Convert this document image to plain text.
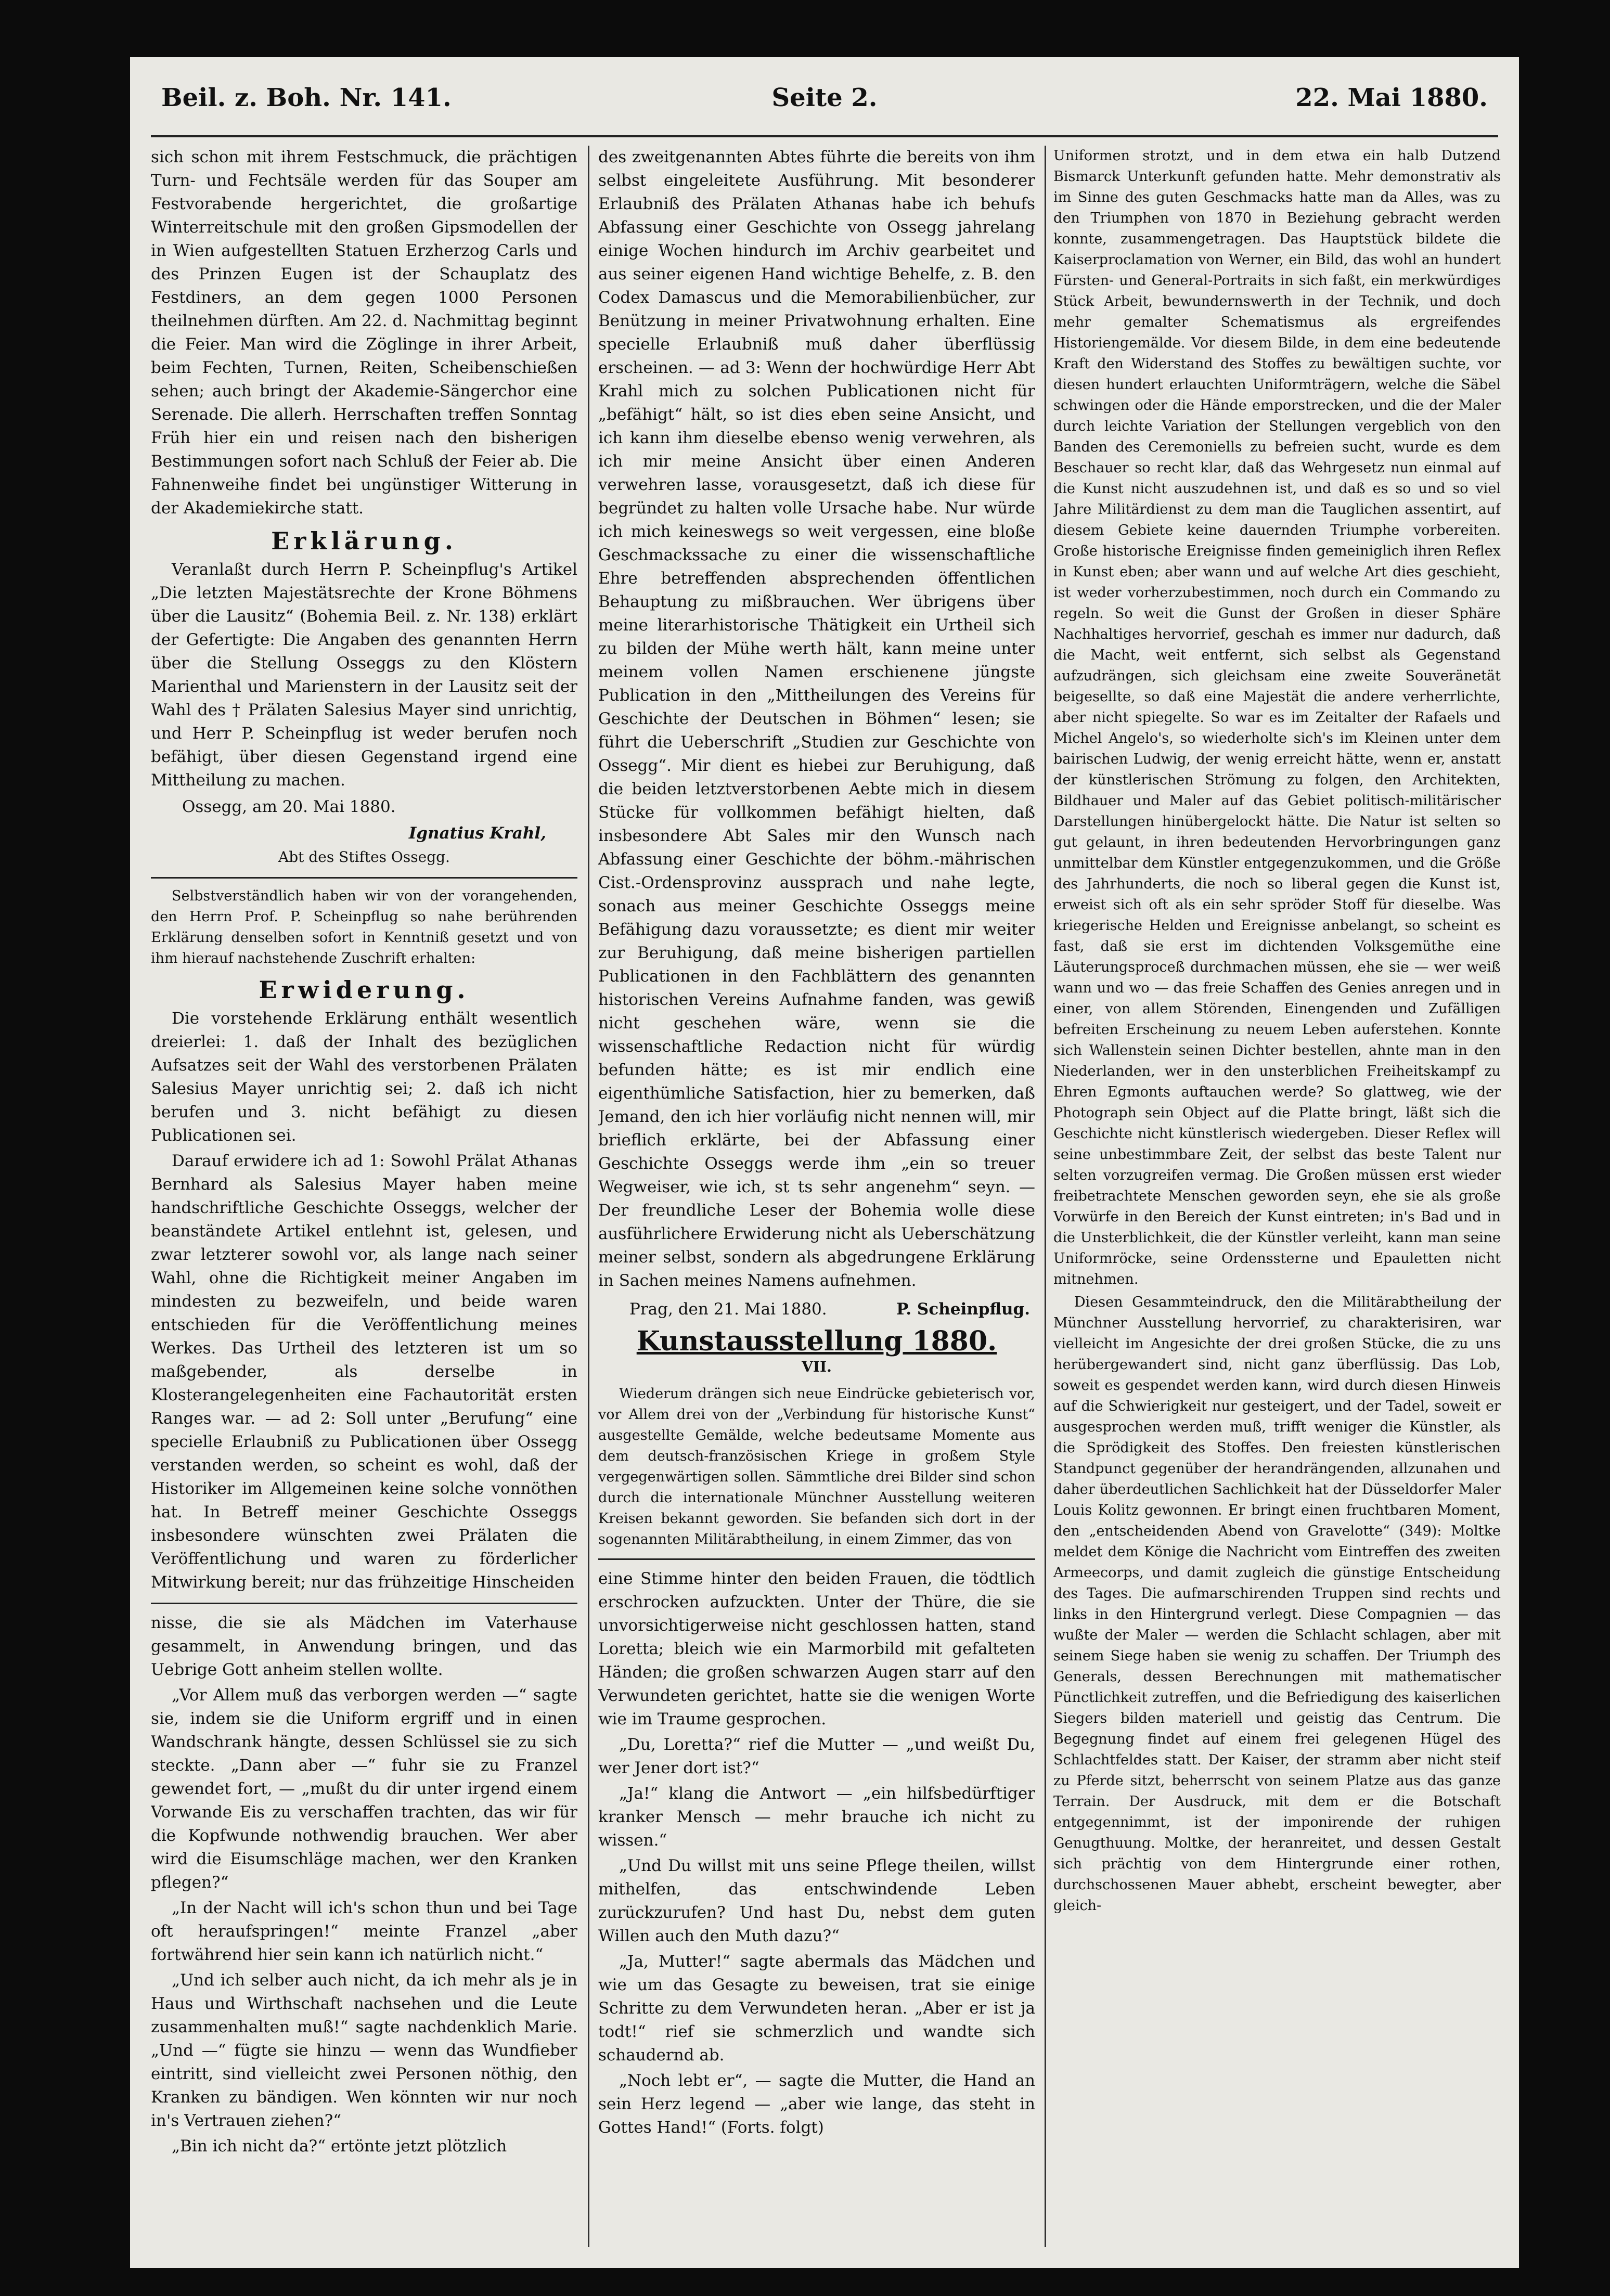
Beil. z. Boh. Nr. 141.	Seite 2.	22. Mai 1880.

sich schon mit ihrem Festschmuck, die prächtigen Turn- und Fechtsäle werden für das Souper am Festvorabende hergerichtet, die großartige Winterreitschule mit den großen Gipsmodellen der in Wien aufgestellten Statuen Erzherzog Carls und des Prinzen Eugen ist der Schauplatz des Festdiners, an dem gegen 1000 Personen theilnehmen dürften. Am 22. d. Nachmittag beginnt die Feier. Man wird die Zöglinge in ihrer Arbeit, beim Fechten, Turnen, Reiten, Scheibenschießen sehen; auch bringt der Akademie-Sängerchor eine Serenade. Die allerh. Herrschaften treffen Sonntag Früh hier ein und reisen nach den bisherigen Bestimmungen sofort nach Schluß der Feier ab. Die Fahnenweihe findet bei ungünstiger Witterung in der Akademiekirche statt.

Erklärung.

Veranlaßt durch Herrn P. Scheinpflug's Artikel „Die letzten Majestätsrechte der Krone Böhmens über die Lausitz“ (Bohemia Beil. z. Nr. 138) erklärt der Gefertigte: Die Angaben des genannten Herrn über die Stellung Osseggs zu den Klöstern Marienthal und Marienstern in der Lausitz seit der Wahl des † Prälaten Salesius Mayer sind unrichtig, und Herr P. Scheinpflug ist weder berufen noch befähigt, über diesen Gegenstand irgend eine Mittheilung zu machen.

Ossegg, am 20. Mai 1880.

Ignatius Krahl,
Abt des Stiftes Ossegg.

Selbstverständlich haben wir von der vorangehenden, den Herrn Prof. P. Scheinpflug so nahe berührenden Erklärung denselben sofort in Kenntniß gesetzt und von ihm hierauf nachstehende Zuschrift erhalten:

Erwiderung.

Die vorstehende Erklärung enthält wesentlich dreierlei: 1. daß der Inhalt des bezüglichen Aufsatzes seit der Wahl des verstorbenen Prälaten Salesius Mayer unrichtig sei; 2. daß ich nicht berufen und 3. nicht befähigt zu diesen Publicationen sei.

Darauf erwidere ich ad 1: Sowohl Prälat Athanas Bernhard als Salesius Mayer haben meine handschriftliche Geschichte Osseggs, welcher der beanständete Artikel entlehnt ist, gelesen, und zwar letzterer sowohl vor, als lange nach seiner Wahl, ohne die Richtigkeit meiner Angaben im mindesten zu bezweifeln, und beide waren entschieden für die Veröffentlichung meines Werkes. Das Urtheil des letzteren ist um so maßgebender, als derselbe in Klosterangelegenheiten eine Fachautorität ersten Ranges war. — ad 2: Soll unter „Berufung“ eine specielle Erlaubniß zu Publicationen über Ossegg verstanden werden, so scheint es wohl, daß der Historiker im Allgemeinen keine solche vonnöthen hat. In Betreff meiner Geschichte Osseggs insbesondere wünschten zwei Prälaten die Veröffentlichung und waren zu förderlicher Mitwirkung bereit; nur das frühzeitige Hinscheiden

nisse, die sie als Mädchen im Vaterhause gesammelt, in Anwendung bringen, und das Uebrige Gott anheim stellen wollte.

„Vor Allem muß das verborgen werden —“ sagte sie, indem sie die Uniform ergriff und in einen Wandschrank hängte, dessen Schlüssel sie zu sich steckte. „Dann aber —“ fuhr sie zu Franzel gewendet fort, — „mußt du dir unter irgend einem Vorwande Eis zu verschaffen trachten, das wir für die Kopfwunde nothwendig brauchen. Wer aber wird die Eisumschläge machen, wer den Kranken pflegen?“

„In der Nacht will ich's schon thun und bei Tage oft heraufspringen!“ meinte Franzel „aber fortwährend hier sein kann ich natürlich nicht.“

„Und ich selber auch nicht, da ich mehr als je in Haus und Wirthschaft nachsehen und die Leute zusammenhalten muß!“ sagte nachdenklich Marie. „Und —“ fügte sie hinzu — wenn das Wundfieber eintritt, sind vielleicht zwei Personen nöthig, den Kranken zu bändigen. Wen könnten wir nur noch in's Vertrauen ziehen?“

„Bin ich nicht da?“ ertönte jetzt plötzlich

des zweitgenannten Abtes führte die bereits von ihm selbst eingeleitete Ausführung. Mit besonderer Erlaubniß des Prälaten Athanas habe ich behufs Abfassung einer Geschichte von Ossegg jahrelang einige Wochen hindurch im Archiv gearbeitet und aus seiner eigenen Hand wichtige Behelfe, z. B. den Codex Damascus und die Memorabilienbücher, zur Benützung in meiner Privatwohnung erhalten. Eine specielle Erlaubniß muß daher überflüssig erscheinen. — ad 3: Wenn der hochwürdige Herr Abt Krahl mich zu solchen Publicationen nicht für „befähigt“ hält, so ist dies eben seine Ansicht, und ich kann ihm dieselbe ebenso wenig verwehren, als ich mir meine Ansicht über einen Anderen verwehren lasse, vorausgesetzt, daß ich diese für begründet zu halten volle Ursache habe. Nur würde ich mich keineswegs so weit vergessen, eine bloße Geschmackssache zu einer die wissenschaftliche Ehre betreffenden absprechenden öffentlichen Behauptung zu mißbrauchen. Wer übrigens über meine literarhistorische Thätigkeit ein Urtheil sich zu bilden der Mühe werth hält, kann meine unter meinem vollen Namen erschienene jüngste Publication in den „Mittheilungen des Vereins für Geschichte der Deutschen in Böhmen“ lesen; sie führt die Ueberschrift „Studien zur Geschichte von Ossegg“. Mir dient es hiebei zur Beruhigung, daß die beiden letztverstorbenen Aebte mich in diesem Stücke für vollkommen befähigt hielten, daß insbesondere Abt Sales mir den Wunsch nach Abfassung einer Geschichte der böhm.-mährischen Cist.-Ordensprovinz aussprach und nahe legte, sonach aus meiner Geschichte Osseggs meine Befähigung dazu voraussetzte; es dient mir weiter zur Beruhigung, daß meine bisherigen partiellen Publicationen in den Fachblättern des genannten historischen Vereins Aufnahme fanden, was gewiß nicht geschehen wäre, wenn sie die wissenschaftliche Redaction nicht für würdig befunden hätte; es ist mir endlich eine eigenthümliche Satisfaction, hier zu bemerken, daß Jemand, den ich hier vorläufig nicht nennen will, mir brieflich erklärte, bei der Abfassung einer Geschichte Osseggs werde ihm „ein so treuer Wegweiser, wie ich, st ts sehr angenehm“ seyn. — Der freundliche Leser der Bohemia wolle diese ausführlichere Erwiderung nicht als Ueberschätzung meiner selbst, sondern als abgedrungene Erklärung in Sachen meines Namens aufnehmen.

Prag, den 21. Mai 1880.	P. Scheinpflug.
Kunstausstellung 1880.
VII.

Wiederum drängen sich neue Eindrücke gebieterisch vor, vor Allem drei von der „Verbindung für historische Kunst“ ausgestellte Gemälde, welche bedeutsame Momente aus dem deutsch-französischen Kriege in großem Style vergegenwärtigen sollen. Sämmtliche drei Bilder sind schon durch die internationale Münchner Ausstellung weiteren Kreisen bekannt geworden. Sie befanden sich dort in der sogenannten Militärabtheilung, in einem Zimmer, das von

eine Stimme hinter den beiden Frauen, die tödtlich erschrocken aufzuckten. Unter der Thüre, die sie unvorsichtigerweise nicht geschlossen hatten, stand Loretta; bleich wie ein Marmorbild mit gefalteten Händen; die großen schwarzen Augen starr auf den Verwundeten gerichtet, hatte sie die wenigen Worte wie im Traume gesprochen.

„Du, Loretta?“ rief die Mutter — „und weißt Du, wer Jener dort ist?“

„Ja!“ klang die Antwort — „ein hilfsbedürftiger kranker Mensch — mehr brauche ich nicht zu wissen.“

„Und Du willst mit uns seine Pflege theilen, willst mithelfen, das entschwindende Leben zurückzurufen? Und hast Du, nebst dem guten Willen auch den Muth dazu?“

„Ja, Mutter!“ sagte abermals das Mädchen und wie um das Gesagte zu beweisen, trat sie einige Schritte zu dem Verwundeten heran. „Aber er ist ja todt!“ rief sie schmerzlich und wandte sich schaudernd ab.

„Noch lebt er“, — sagte die Mutter, die Hand an sein Herz legend — „aber wie lange, das steht in Gottes Hand!“ (Forts. folgt)

Uniformen strotzt, und in dem etwa ein halb Dutzend Bismarck Unterkunft gefunden hatte. Mehr demonstrativ als im Sinne des guten Geschmacks hatte man da Alles, was zu den Triumphen von 1870 in Beziehung gebracht werden konnte, zusammengetragen. Das Hauptstück bildete die Kaiserproclamation von Werner, ein Bild, das wohl an hundert Fürsten- und General-Portraits in sich faßt, ein merkwürdiges Stück Arbeit, bewundernswerth in der Technik, und doch mehr gemalter Schematismus als ergreifendes Historiengemälde. Vor diesem Bilde, in dem eine bedeutende Kraft den Widerstand des Stoffes zu bewältigen suchte, vor diesen hundert erlauchten Uniformträgern, welche die Säbel schwingen oder die Hände emporstrecken, und die der Maler durch leichte Variation der Stellungen vergeblich von den Banden des Ceremoniells zu befreien sucht, wurde es dem Beschauer so recht klar, daß das Wehrgesetz nun einmal auf die Kunst nicht auszudehnen ist, und daß es so und so viel Jahre Militärdienst zu dem man die Tauglichen assentirt, auf diesem Gebiete keine dauernden Triumphe vorbereiten. Große historische Ereignisse finden gemeiniglich ihren Reflex in Kunst eben; aber wann und auf welche Art dies geschieht, ist weder vorherzubestimmen, noch durch ein Commando zu regeln. So weit die Gunst der Großen in dieser Sphäre Nachhaltiges hervorrief, geschah es immer nur dadurch, daß die Macht, weit entfernt, sich selbst als Gegenstand aufzudrängen, sich gleichsam eine zweite Souveränetät beigesellte, so daß eine Majestät die andere verherrlichte, aber nicht spiegelte. So war es im Zeitalter der Rafaels und Michel Angelo's, so wiederholte sich's im Kleinen unter dem bairischen Ludwig, der wenig erreicht hätte, wenn er, anstatt der künstlerischen Strömung zu folgen, den Architekten, Bildhauer und Maler auf das Gebiet politisch-militärischer Darstellungen hinübergelockt hätte. Die Natur ist selten so gut gelaunt, in ihren bedeutenden Hervorbringungen ganz unmittelbar dem Künstler entgegenzukommen, und die Größe des Jahrhunderts, die noch so liberal gegen die Kunst ist, erweist sich oft als ein sehr spröder Stoff für dieselbe. Was kriegerische Helden und Ereignisse anbelangt, so scheint es fast, daß sie erst im dichtenden Volksgemüthe eine Läuterungsproceß durchmachen müssen, ehe sie — wer weiß wann und wo — das freie Schaffen des Genies anregen und in einer, von allem Störenden, Einengenden und Zufälligen befreiten Erscheinung zu neuem Leben auferstehen. Konnte sich Wallenstein seinen Dichter bestellen, ahnte man in den Niederlanden, wer in den unsterblichen Freiheitskampf zu Ehren Egmonts auftauchen werde? So glattweg, wie der Photograph sein Object auf die Platte bringt, läßt sich die Geschichte nicht künstlerisch wiedergeben. Dieser Reflex will seine unbestimmbare Zeit, der selbst das beste Talent nur selten vorzugreifen vermag. Die Großen müssen erst wieder freibetrachtete Menschen geworden seyn, ehe sie als große Vorwürfe in den Bereich der Kunst eintreten; in's Bad und in die Unsterblichkeit, die der Künstler verleiht, kann man seine Uniformröcke, seine Ordenssterne und Epauletten nicht mitnehmen.

Diesen Gesammteindruck, den die Militärabtheilung der Münchner Ausstellung hervorrief, zu charakterisiren, war vielleicht im Angesichte der drei großen Stücke, die zu uns herübergewandert sind, nicht ganz überflüssig. Das Lob, soweit es gespendet werden kann, wird durch diesen Hinweis auf die Schwierigkeit nur gesteigert, und der Tadel, soweit er ausgesprochen werden muß, trifft weniger die Künstler, als die Sprödigkeit des Stoffes. Den freiesten künstlerischen Standpunct gegenüber der herandrängenden, allzunahen und daher überdeutlichen Sachlichkeit hat der Düsseldorfer Maler Louis Kolitz gewonnen. Er bringt einen fruchtbaren Moment, den „entscheidenden Abend von Gravelotte“ (349): Moltke meldet dem Könige die Nachricht vom Eintreffen des zweiten Armeecorps, und damit zugleich die günstige Entscheidung des Tages. Die aufmarschirenden Truppen sind rechts und links in den Hintergrund verlegt. Diese Compagnien — das wußte der Maler — werden die Schlacht schlagen, aber mit seinem Siege haben sie wenig zu schaffen. Der Triumph des Generals, dessen Berechnungen mit mathematischer Pünctlichkeit zutreffen, und die Befriedigung des kaiserlichen Siegers bilden materiell und geistig das Centrum. Die Begegnung findet auf einem frei gelegenen Hügel des Schlachtfeldes statt. Der Kaiser, der stramm aber nicht steif zu Pferde sitzt, beherrscht von seinem Platze aus das ganze Terrain. Der Ausdruck, mit dem er die Botschaft entgegennimmt, ist der imponirende der ruhigen Genugthuung. Moltke, der heranreitet, und dessen Gestalt sich prächtig von dem Hintergrunde einer rothen, durchschossenen Mauer abhebt, erscheint bewegter, aber gleich-
